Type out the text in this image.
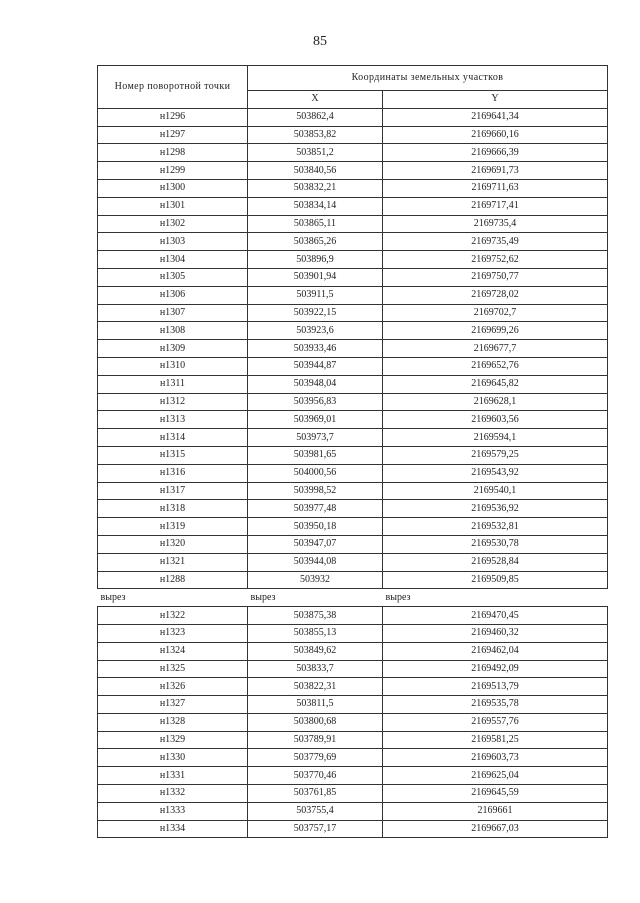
85
Номер поворотной точки	Координаты земельных участков	
	X	Y
н1296	503862,4	2169641,34
н1297	503853,82	2169660,16
н1298	503851,2	2169666,39
н1299	503840,56	2169691,73
н1300	503832,21	2169711,63
н1301	503834,14	2169717,41
н1302	503865,11	2169735,4
н1303	503865,26	2169735,49
н1304	503896,9	2169752,62
н1305	503901,94	2169750,77
н1306	503911,5	2169728,02
н1307	503922,15	2169702,7
н1308	503923,6	2169699,26
н1309	503933,46	2169677,7
н1310	503944,87	2169652,76
н1311	503948,04	2169645,82
н1312	503956,83	2169628,1
н1313	503969,01	2169603,56
н1314	503973,7	2169594,1
н1315	503981,65	2169579,25
н1316	504000,56	2169543,92
н1317	503998,52	2169540,1
н1318	503977,48	2169536,92
н1319	503950,18	2169532,81
н1320	503947,07	2169530,78
н1321	503944,08	2169528,84
н1288	503932	2169509,85
вырез	вырез	вырез
н1322	503875,38	2169470,45
н1323	503855,13	2169460,32
н1324	503849,62	2169462,04
н1325	503833,7	2169492,09
н1326	503822,31	2169513,79
н1327	503811,5	2169535,78
н1328	503800,68	2169557,76
н1329	503789,91	2169581,25
н1330	503779,69	2169603,73
н1331	503770,46	2169625,04
н1332	503761,85	2169645,59
н1333	503755,4	2169661
н1334	503757,17	2169667,03
